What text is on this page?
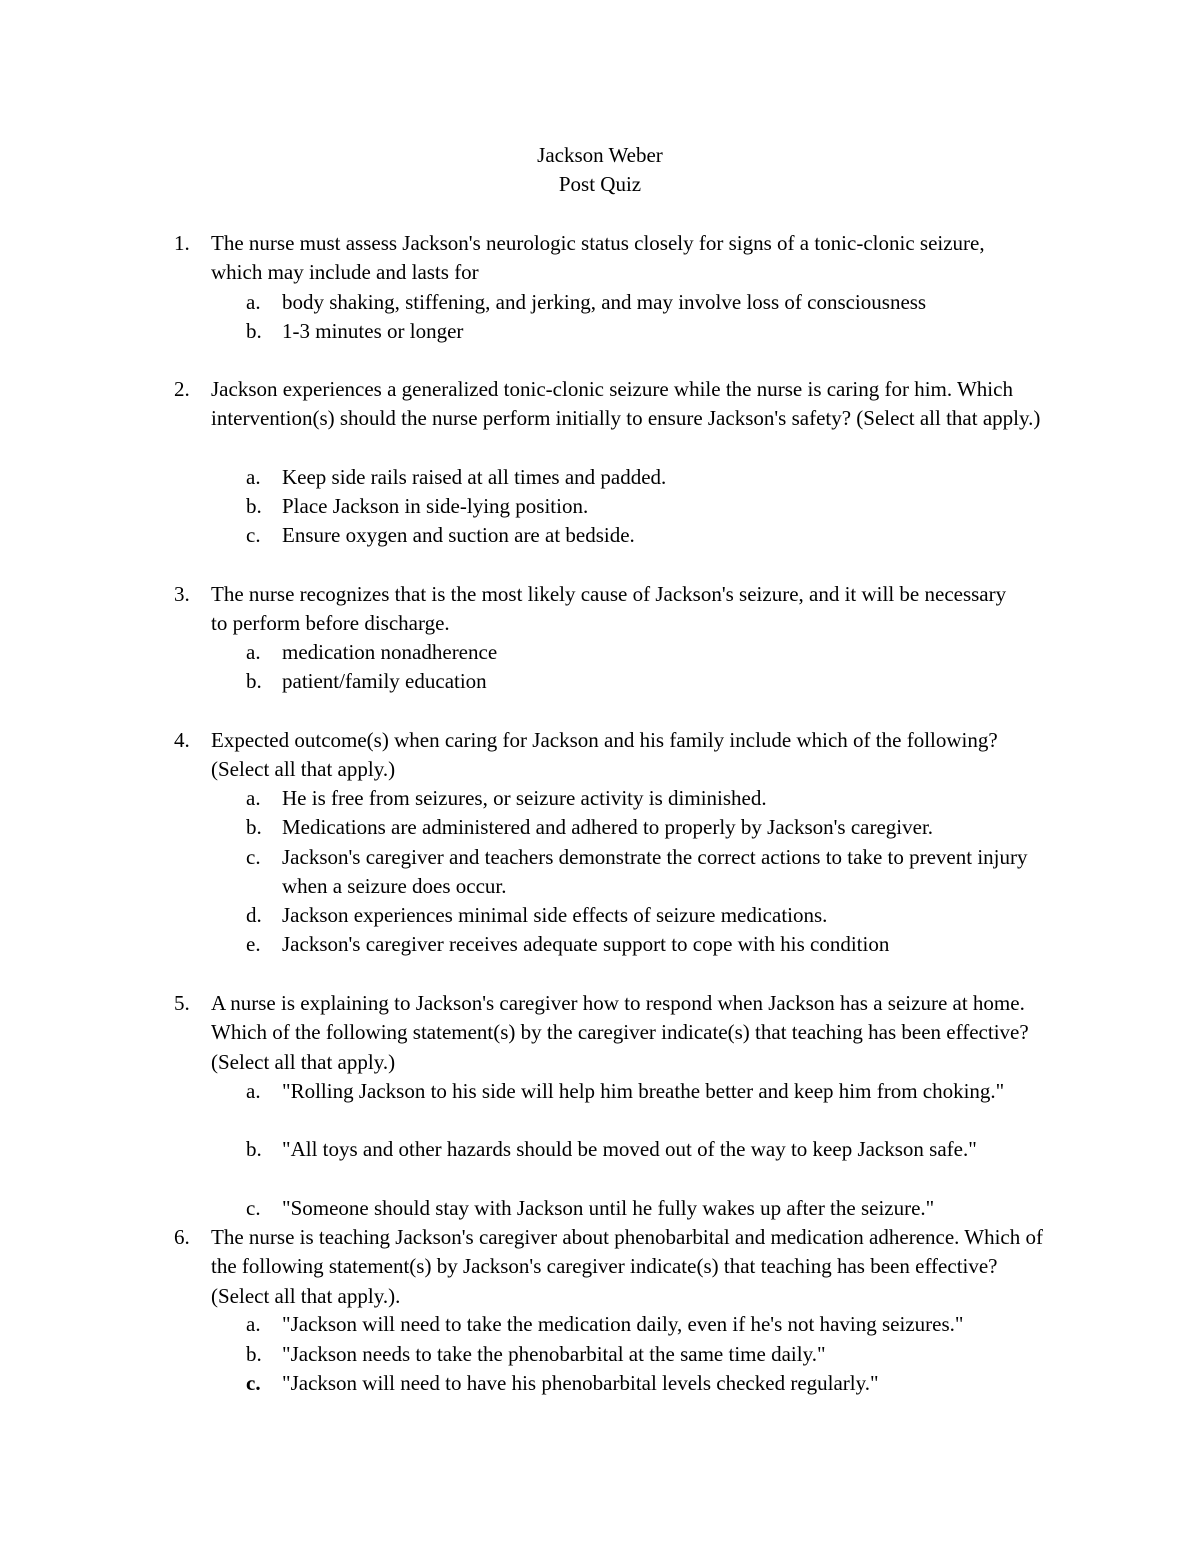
Jackson Weber
Post Quiz
1.	The nurse must assess Jackson's neurologic status closely for signs of a tonic-clonic seizure, which may include and lasts for
a.	body shaking, stiffening, and jerking, and may involve loss of consciousness
b. 1-3 minutes or longer
2.	Jackson experiences a generalized tonic-clonic seizure while the nurse is caring for him. Which intervention(s) should the nurse perform initially to ensure Jackson's safety? (Select all that apply.)
a.	Keep side rails raised at all times and padded.
b. Place Jackson in side-lying position.
c.	Ensure oxygen and suction are at bedside.
3.	The nurse recognizes that is the most likely cause of Jackson's seizure, and it will be necessary to perform before discharge.
a.	medication nonadherence
b. patient/family education
4.	Expected outcome(s) when caring for Jackson and his family include which of the following? (Select all that apply.)
a.	He is free from seizures, or seizure activity is diminished.
b. Medications are administered and adhered to properly by Jackson's caregiver.
c.	Jackson's caregiver and teachers demonstrate the correct actions to take to prevent injury when a seizure does occur.
d. Jackson experiences minimal side effects of seizure medications.
e.	Jackson's caregiver receives adequate support to cope with his condition
5.	A nurse is explaining to Jackson's caregiver how to respond when Jackson has a seizure at home. Which of the following statement(s) by the caregiver indicate(s) that teaching has been effective? (Select all that apply.)
a.	"Rolling Jackson to his side will help him breathe better and keep him from choking."
b. "All toys and other hazards should be moved out of the way to keep Jackson safe."
c.	"Someone should stay with Jackson until he fully wakes up after the seizure."
6.	The nurse is teaching Jackson's caregiver about phenobarbital and medication adherence. Which of the following statement(s) by Jackson's caregiver indicate(s) that teaching has been effective? (Select all that apply.).
a.	"Jackson will need to take the medication daily, even if he's not having seizures."
b. "Jackson needs to take the phenobarbital at the same time daily."
c.	"Jackson will need to have his phenobarbital levels checked regularly."
